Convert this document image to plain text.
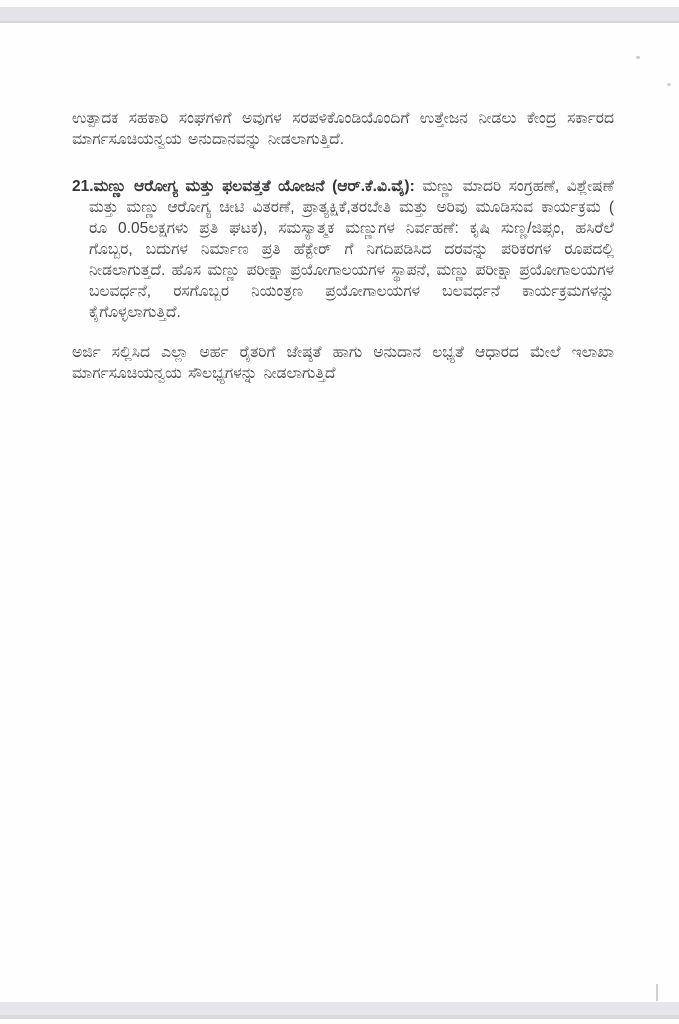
ಉತ್ಪಾದಕ ಸಹಕಾರಿ ಸಂಘಗಳಿಗೆ ಅವುಗಳ ಸರಪಳಿಕೊಂಡಿಯೊಂದಿಗೆ ಉತ್ತೇಜನ ನೀಡಲು ಕೇಂದ್ರ ಸರ್ಕಾರದ ಮಾರ್ಗಸೂಚಿಯನ್ವಯ ಅನುದಾನವನ್ನು ನೀಡಲಾಗುತ್ತಿದೆ.

21.ಮಣ್ಣು ಆರೋಗ್ಯ ಮತ್ತು ಫಲವತ್ತತೆ ಯೋಜನೆ (ಆರ್.ಕೆ.ವಿ.ವೈ): ಮಣ್ಣು ಮಾದರಿ ಸಂಗ್ರಹಣೆ, ವಿಶ್ಲೇಷಣೆ ಮತ್ತು ಮಣ್ಣು ಆರೋಗ್ಯ ಚೀಟಿ ವಿತರಣೆ, ಪ್ರಾತ್ಯಕ್ಷಿಕೆ,ತರಬೇತಿ ಮತ್ತು ಅರಿವು ಮೂಡಿಸುವ ಕಾರ್ಯಕ್ರಮ ( ರೂ 0.05ಲಕ್ಷಗಳು ಪ್ರತಿ ಘಟಕ), ಸಮಸ್ಯಾತ್ಮಕ ಮಣ್ಣುಗಳ ನಿರ್ವಹಣೆ: ಕೃಷಿ ಸುಣ್ಣ/ಜಿಪ್ಸಂ, ಹಸಿರೆಲೆ ಗೊಬ್ಬರ, ಬದುಗಳ ನಿರ್ಮಾಣ ಪ್ರತಿ ಹೆಕ್ಟೇರ್ ಗೆ ನಿಗದಿಪಡಿಸಿದ ದರವನ್ನು ಪರಿಕರಗಳ ರೂಪದಲ್ಲಿ ನೀಡಲಾಗುತ್ತದೆ. ಹೊಸ ಮಣ್ಣು ಪರೀಕ್ಷಾ ಪ್ರಯೋಗಾಲಯಗಳ ಸ್ಥಾಪನೆ, ಮಣ್ಣು ಪರೀಕ್ಷಾ ಪ್ರಯೋಗಾಲಯಗಳ ಬಲವರ್ಧನೆ, ರಸಗೊಬ್ಬರ ನಿಯಂತ್ರಣ ಪ್ರಯೋಗಾಲಯಗಳ ಬಲವರ್ಧನೆ ಕಾರ್ಯಕ್ರಮಗಳನ್ನು ಕೈಗೊಳ್ಳಲಾಗುತ್ತಿದೆ.

ಅರ್ಜಿ ಸಲ್ಲಿಸಿದ ಎಲ್ಲಾ ಅರ್ಹ ರೈತರಿಗೆ ಜೇಷ್ಠತೆ ಹಾಗು ಅನುದಾನ ಲಭ್ಯತೆ ಆಧಾರದ ಮೇಲೆ ಇಲಾಖಾ ಮಾರ್ಗಸೂಚಿಯನ್ವಯ ಸೌಲಭ್ಯಗಳನ್ನು ನೀಡಲಾಗುತ್ತಿದೆ
